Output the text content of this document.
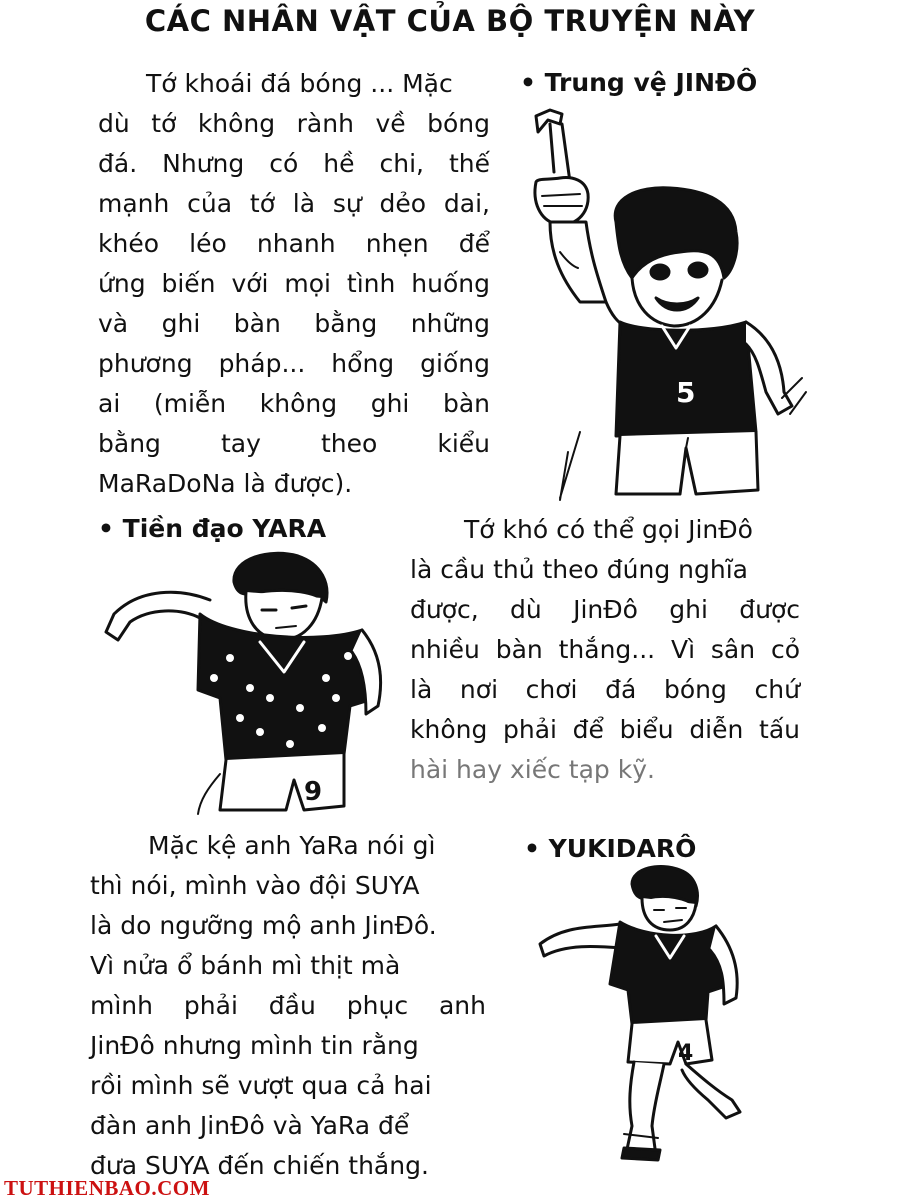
CÁC NHÂN VẬT CỦA BỘ TRUYỆN NÀY
Tớ khoái đá bóng ... Mặc
dù tớ không rành về bóng
đá. Nhưng có hề chi, thế
mạnh của tớ là sự dẻo dai,
khéo léo nhanh nhẹn để
ứng biến với mọi tình huống
và ghi bàn bằng những
phương pháp... hổng giống
ai (miễn không ghi bàn
bằng tay theo kiểu
MaRaDoNa là được).
• Trung vệ JINĐÔ
5
• Tiền đạo YARA
F.C.
9
Tớ khó có thể gọi JinĐô
là cầu thủ theo đúng nghĩa
được, dù JinĐô ghi được
nhiều bàn thắng... Vì sân cỏ
là nơi chơi đá bóng chứ
không phải để biểu diễn tấu
hài hay xiếc tạp kỹ.
Mặc kệ anh YaRa nói gì
thì nói, mình vào đội SUYA
là do ngưỡng mộ anh JinĐô.
Vì nửa ổ bánh mì thịt mà
mình phải đầu phục anh
JinĐô nhưng mình tin rằng
rồi mình sẽ vượt qua cả hai
đàn anh JinĐô và YaRa để
đưa SUYA đến chiến thắng.
• YUKIDARÔ
4
TUTHIENBAO.COM
